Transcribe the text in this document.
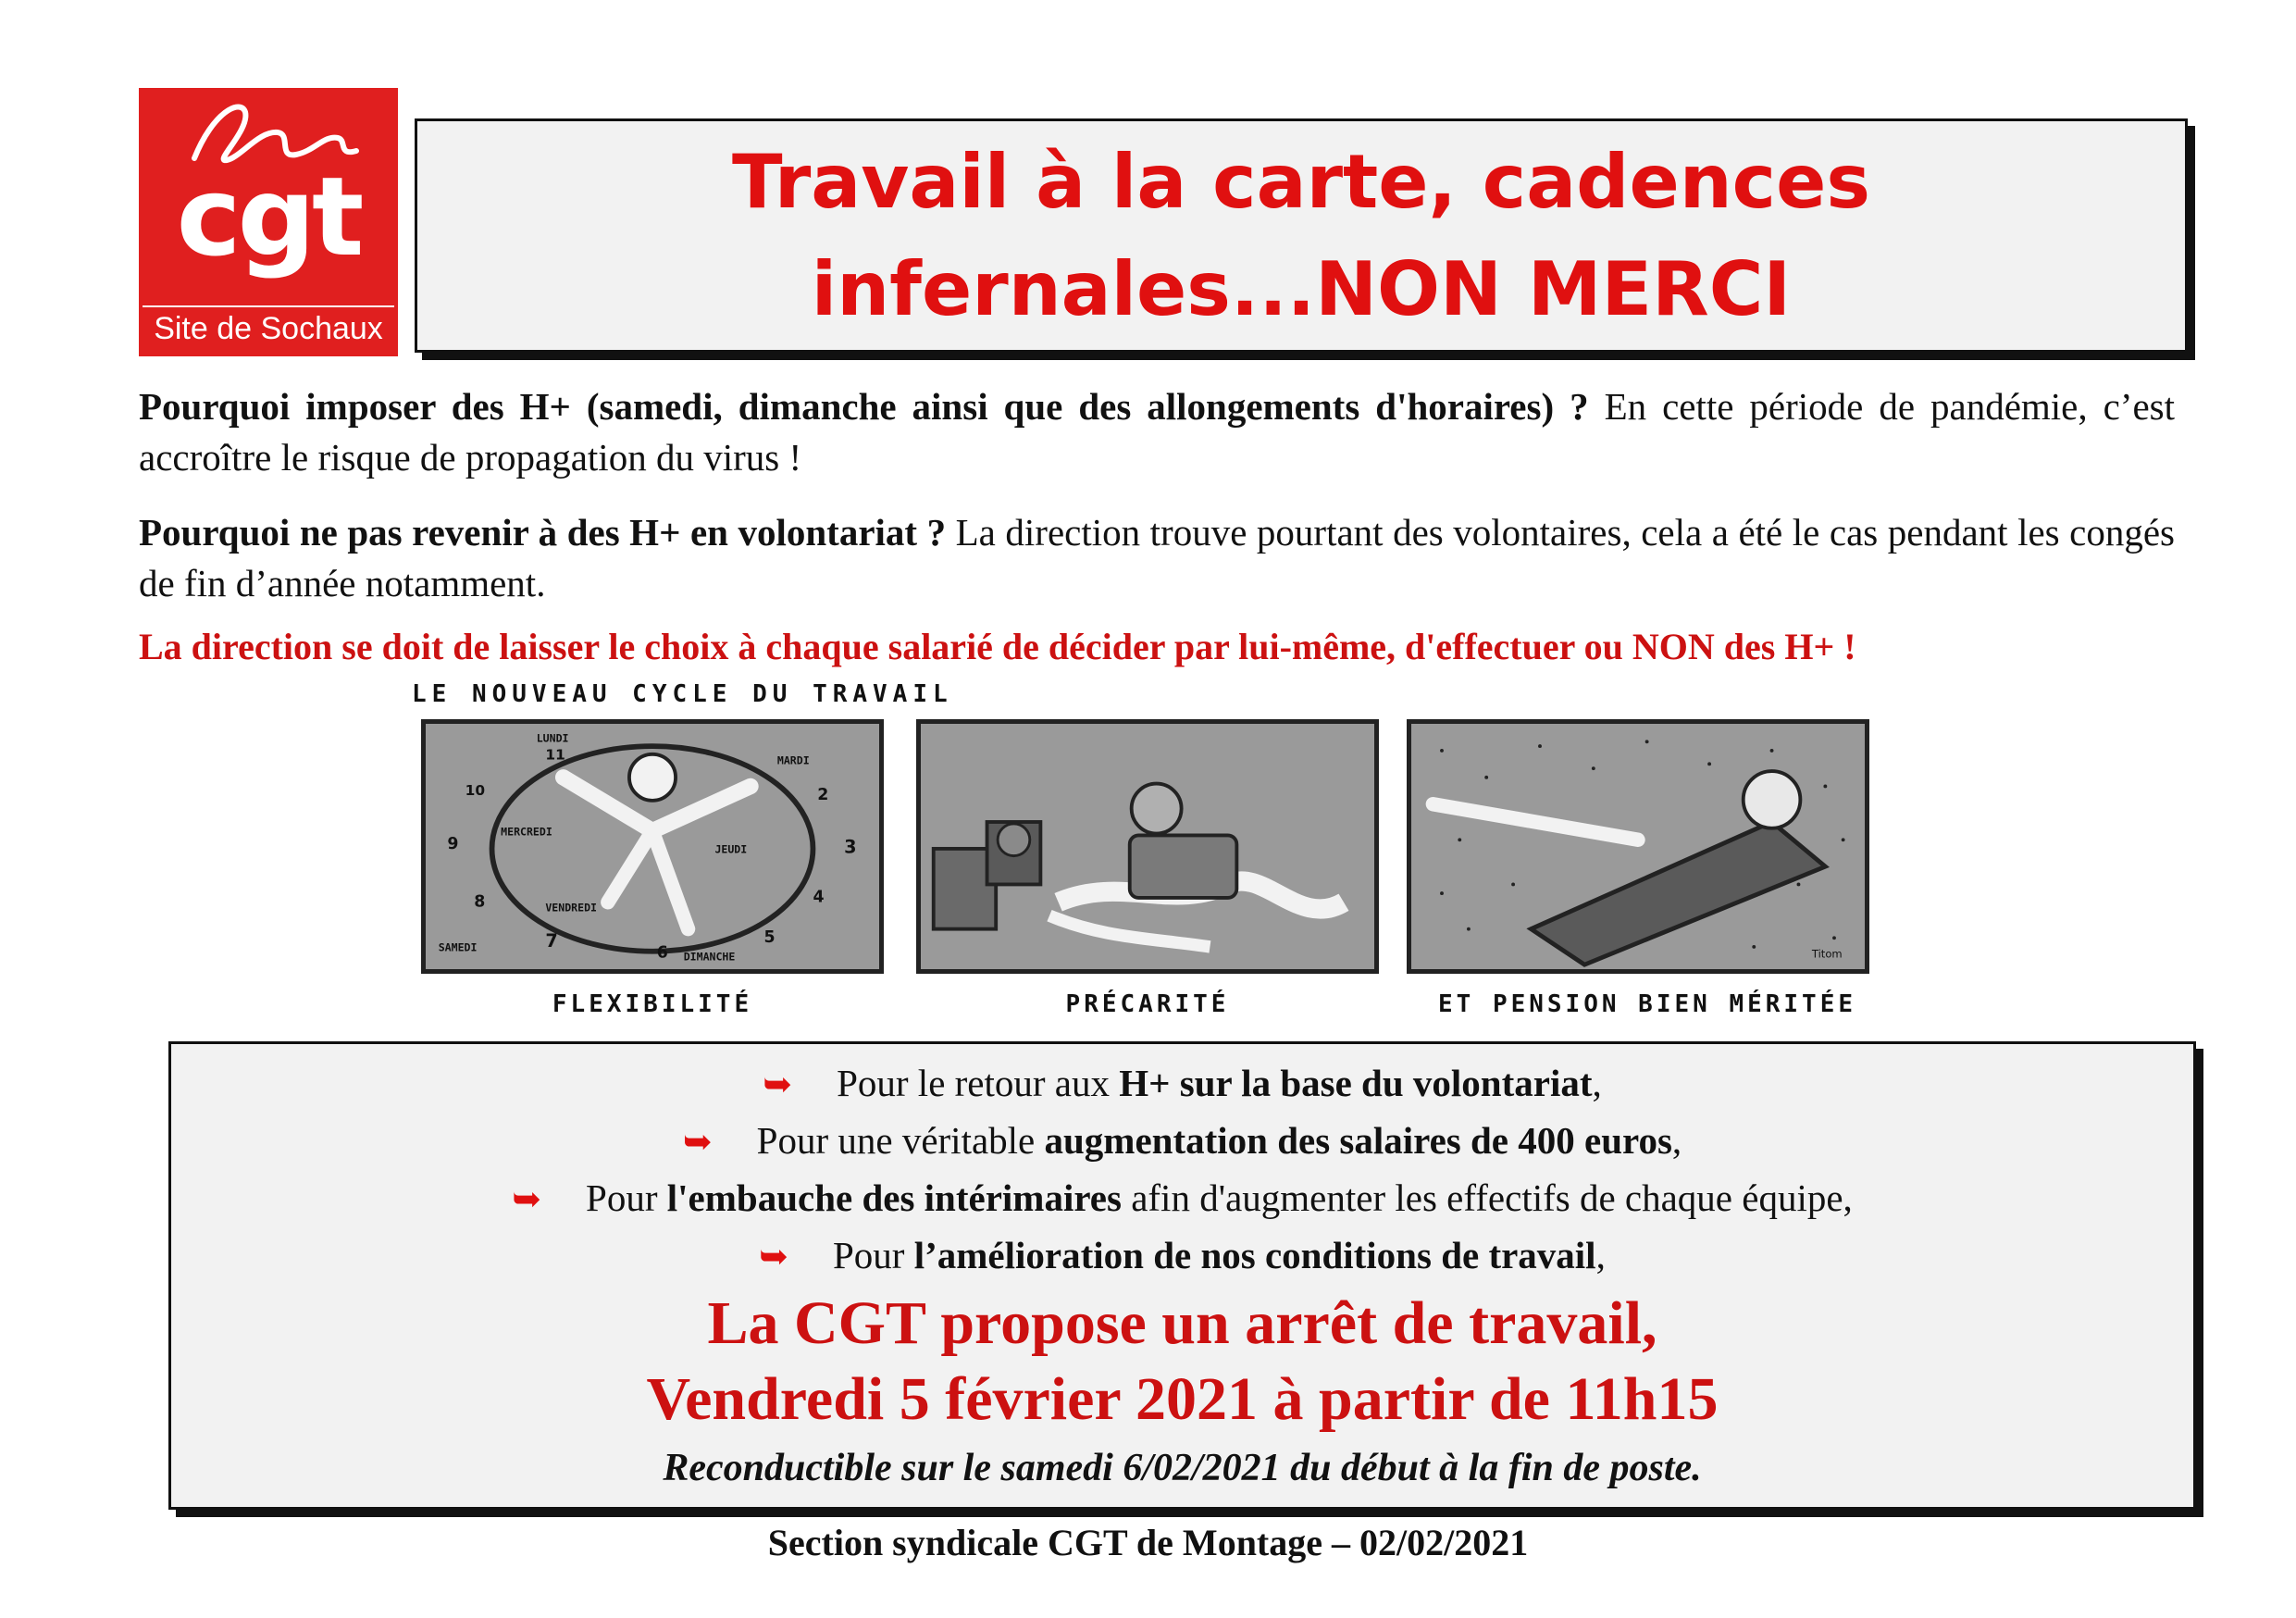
cgt
Site de Sochaux
Travail à la carte, cadences
infernales...NON MERCI
Pourquoi imposer des H+ (samedi, dimanche ainsi que des allongements d'horaires) ? En cette période de pandémie, c’est accroître le risque de propagation du virus !
Pourquoi ne pas revenir à des H+ en volontariat ? La direction trouve pourtant des volontaires, cela a été le cas pendant les congés de fin d’année notamment.
La direction se doit de laisser le choix à chaque salarié de décider par lui-même, d'effectuer ou NON des H+ !
LE NOUVEAU CYCLE DU TRAVAIL
LUNDI
MARDI
MERCREDI
JEUDI
VENDREDI
SAMEDI
DIMANCHE
11
10
9
8
7
6
5
4
3
2
Titom
FLEXIBILITÉ	PRÉCARITÉ	ET PENSION BIEN MÉRITÉE
➥ Pour le retour aux H+ sur la base du volontariat,
➥ Pour une véritable augmentation des salaires de 400 euros,
➥ Pour l'embauche des intérimaires afin d'augmenter les effectifs de chaque équipe,
➥ Pour l’amélioration de nos conditions de travail,
La CGT propose un arrêt de travail,
Vendredi 5 février 2021 à partir de 11h15
Reconductible sur le samedi 6/02/2021 du début à la fin de poste.
Section syndicale CGT de Montage – 02/02/2021
